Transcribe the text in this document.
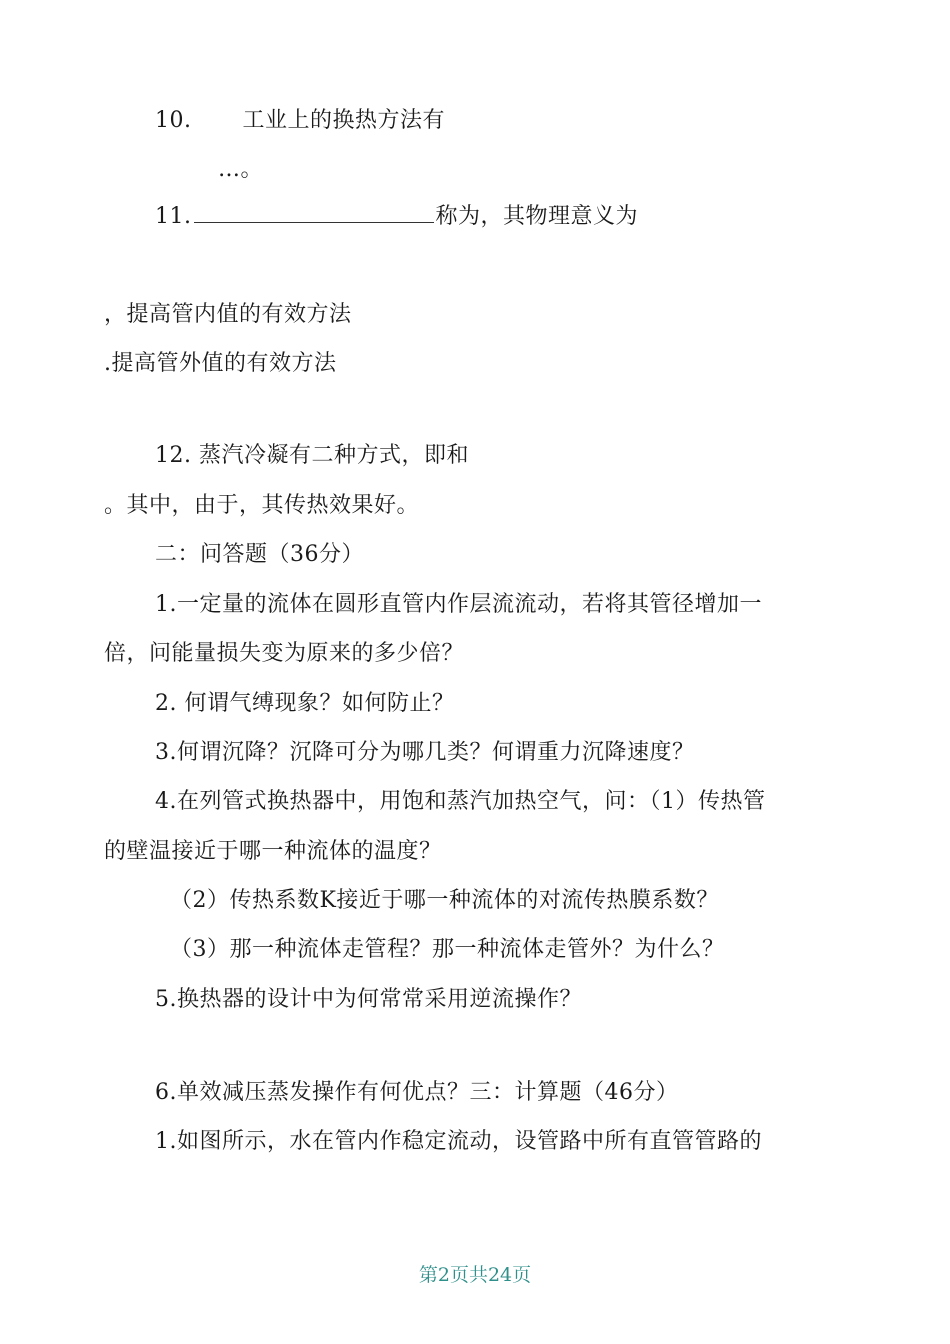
10. 工业上的换热方法有
…。
11.	称为，其物理意义为
，提高管内值的有效方法
.提高管外值的有效方法
12. 蒸汽冷凝有二种方式，即和
。其中，由于，其传热效果好。
二：问答题（36分）
1.一定量的流体在圆形直管内作层流流动，若将其管径增加一
倍，问能量损失变为原来的多少倍？
2. 何谓气缚现象？如何防止？
3.何谓沉降？沉降可分为哪几类？何谓重力沉降速度？
4.在列管式换热器中，用饱和蒸汽加热空气，问：（1）传热管
的壁温接近于哪一种流体的温度？
（2）传热系数K接近于哪一种流体的对流传热膜系数？
（3）那一种流体走管程？那一种流体走管外？为什么？
5.换热器的设计中为何常常采用逆流操作？
6.单效减压蒸发操作有何优点？三：计算题（46分）
1.如图所示，水在管内作稳定流动，设管路中所有直管管路的
第2页共24页
